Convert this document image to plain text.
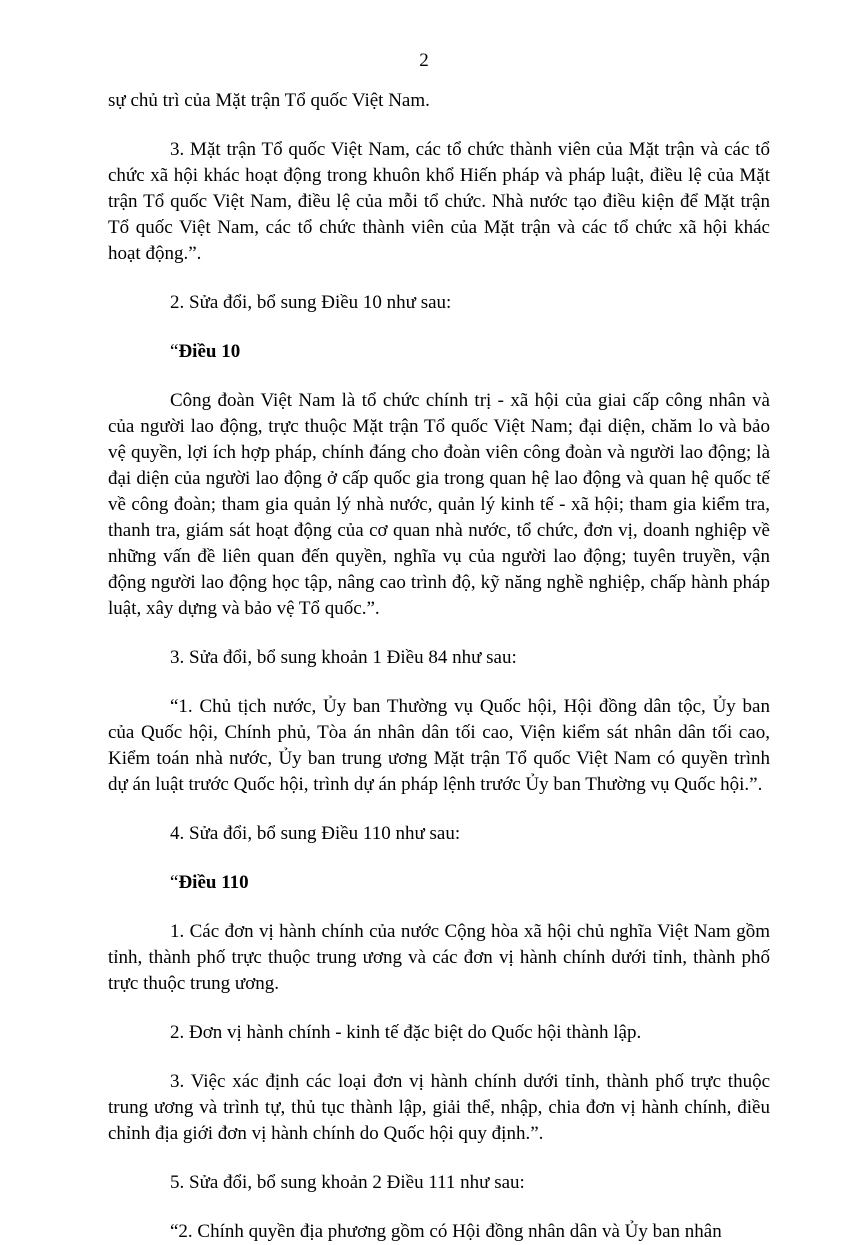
2

sự chủ trì của Mặt trận Tổ quốc Việt Nam.

3. Mặt trận Tổ quốc Việt Nam, các tổ chức thành viên của Mặt trận và các tổ chức xã hội khác hoạt động trong khuôn khổ Hiến pháp và pháp luật, điều lệ của Mặt trận Tổ quốc Việt Nam, điều lệ của mỗi tổ chức. Nhà nước tạo điều kiện để Mặt trận Tổ quốc Việt Nam, các tổ chức thành viên của Mặt trận và các tổ chức xã hội khác hoạt động.”.

2. Sửa đổi, bổ sung Điều 10 như sau:

“Điều 10

Công đoàn Việt Nam là tổ chức chính trị - xã hội của giai cấp công nhân và của người lao động, trực thuộc Mặt trận Tổ quốc Việt Nam; đại diện, chăm lo và bảo vệ quyền, lợi ích hợp pháp, chính đáng cho đoàn viên công đoàn và người lao động; là đại diện của người lao động ở cấp quốc gia trong quan hệ lao động và quan hệ quốc tế về công đoàn; tham gia quản lý nhà nước, quản lý kinh tế - xã hội; tham gia kiểm tra, thanh tra, giám sát hoạt động của cơ quan nhà nước, tổ chức, đơn vị, doanh nghiệp về những vấn đề liên quan đến quyền, nghĩa vụ của người lao động; tuyên truyền, vận động người lao động học tập, nâng cao trình độ, kỹ năng nghề nghiệp, chấp hành pháp luật, xây dựng và bảo vệ Tổ quốc.”.

3. Sửa đổi, bổ sung khoản 1 Điều 84 như sau:

“1. Chủ tịch nước, Ủy ban Thường vụ Quốc hội, Hội đồng dân tộc, Ủy ban của Quốc hội, Chính phủ, Tòa án nhân dân tối cao, Viện kiểm sát nhân dân tối cao, Kiểm toán nhà nước, Ủy ban trung ương Mặt trận Tổ quốc Việt Nam có quyền trình dự án luật trước Quốc hội, trình dự án pháp lệnh trước Ủy ban Thường vụ Quốc hội.”.

4. Sửa đổi, bổ sung Điều 110 như sau:

“Điều 110

1. Các đơn vị hành chính của nước Cộng hòa xã hội chủ nghĩa Việt Nam gồm tỉnh, thành phố trực thuộc trung ương và các đơn vị hành chính dưới tỉnh, thành phố trực thuộc trung ương.

2. Đơn vị hành chính - kinh tế đặc biệt do Quốc hội thành lập.

3. Việc xác định các loại đơn vị hành chính dưới tỉnh, thành phố trực thuộc trung ương và trình tự, thủ tục thành lập, giải thể, nhập, chia đơn vị hành chính, điều chỉnh địa giới đơn vị hành chính do Quốc hội quy định.”.

5. Sửa đổi, bổ sung khoản 2 Điều 111 như sau:

“2. Chính quyền địa phương gồm có Hội đồng nhân dân và Ủy ban nhân
